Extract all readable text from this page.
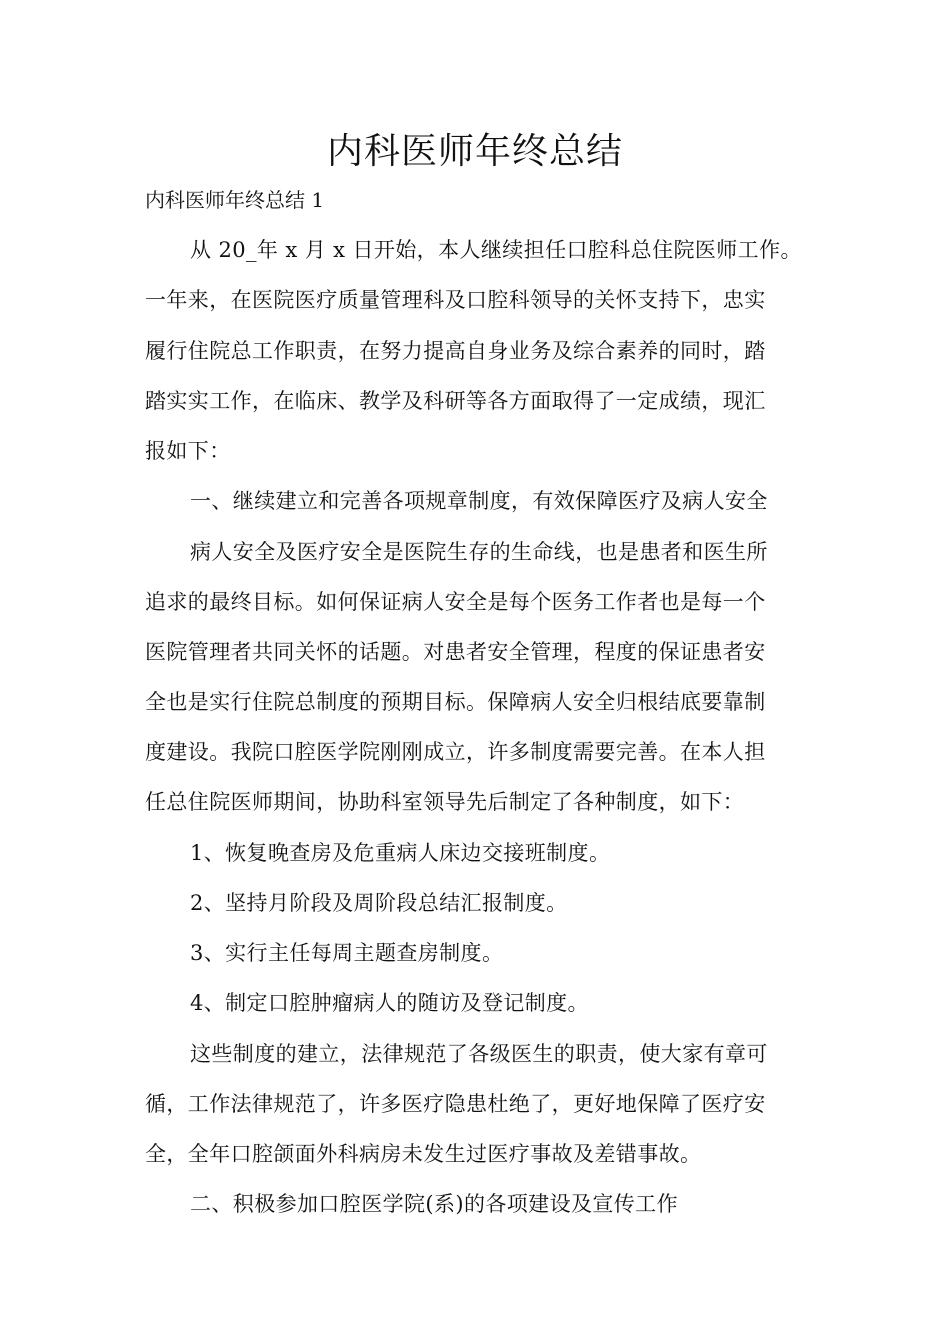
内科医师年终总结
内科医师年终总结 1
从 20_年 x 月 x 日开始，本人继续担任口腔科总住院医师工作。
一年来，在医院医疗质量管理科及口腔科领导的关怀支持下，忠实
履行住院总工作职责，在努力提高自身业务及综合素养的同时，踏
踏实实工作，在临床、教学及科研等各方面取得了一定成绩，现汇
报如下：
一、继续建立和完善各项规章制度，有效保障医疗及病人安全
病人安全及医疗安全是医院生存的生命线，也是患者和医生所
追求的最终目标。如何保证病人安全是每个医务工作者也是每一个
医院管理者共同关怀的话题。对患者安全管理，程度的保证患者安
全也是实行住院总制度的预期目标。保障病人安全归根结底要靠制
度建设。我院口腔医学院刚刚成立，许多制度需要完善。在本人担
任总住院医师期间，协助科室领导先后制定了各种制度，如下：
1、恢复晚查房及危重病人床边交接班制度。
2、坚持月阶段及周阶段总结汇报制度。
3、实行主任每周主题查房制度。
4、制定口腔肿瘤病人的随访及登记制度。
这些制度的建立，法律规范了各级医生的职责，使大家有章可
循，工作法律规范了，许多医疗隐患杜绝了，更好地保障了医疗安
全，全年口腔颌面外科病房未发生过医疗事故及差错事故。
二、积极参加口腔医学院(系)的各项建设及宣传工作
